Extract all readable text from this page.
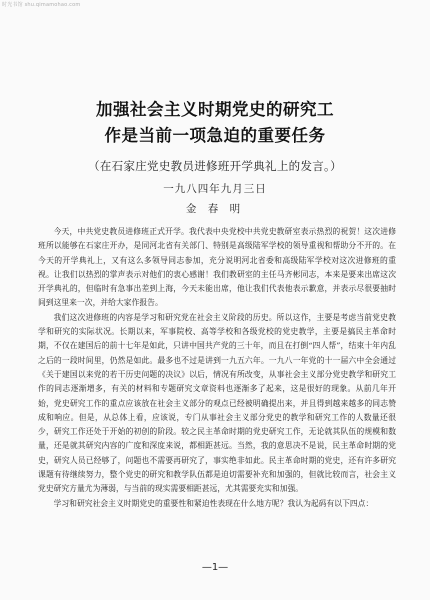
时光书馆 shu.qimamohao.com
加强社会主义时期党史的研究工
作是当前一项急迫的重要任务
（在石家庄党史教员进修班开学典礼上的发言。）
一九八四年九月三日
金 春 明

今天，中共党史教员进修班正式开学。我代表中央党校中共党史教研室表示热烈的祝贺！这次进修班所以能够在石家庄开办，是同河北省有关部门、特别是高级陆军学校的领导重视和帮助分不开的。在今天的开学典礼上，又有这么多领导同志参加，充分说明河北省委和高级陆军学校对这次进修班的重视。让我们以热烈的掌声表示对他们的衷心感谢！我们教研室的主任马齐彬同志，本来是要来出席这次开学典礼的，但临时有急事出差到上海，今天未能出席，他让我们代表他表示歉意，并表示尽很要抽时间到这里来一次，并给大家作报告。

我们这次进修班的内容是学习和研究党在社会主义阶段的历史。所以这作，主要是考虑当前党史教学和研究的实际状况。长期以来，军事院校、高等学校和各级党校的党史教学，主要是搞民主革命时期，不仅在建国后的前十七年是如此，只讲中国共产党的三十年，而且在打倒“四人帮”，结束十年内乱之后的一段时间里，仍然是如此。最多也不过是讲到一九五六年。一九八一年党的十一届六中全会通过《关于建国以来党的若干历史问题的决议》以后，情况有所改变，从事社会主义部分党史教学和研究工作的同志逐渐增多，有关的材料和专题研究文章资料也逐渐多了起来，这是很好的现象。从前几年开始，党史研究工作的重点应该放在社会主义部分的观点已经被明确提出来，并且得到越来越多的同志赞成和响应。但是，从总体上看，应该说，专门从事社会主义部分党史的教学和研究工作的人数量还很少，研究工作还处于开始的初创的阶段。较之民主革命时期的党史研究工作，无论就其队伍的规模和数量，还是就其研究内容的广度和深度来说，都相距甚远。当然，我的意思决不是说，民主革命时期的党史，研究人员已经够了，问题也不需要再研究了，事实绝非如此。民主革命时期的党史，还有许多研究课题有待继续努力，整个党史的研究和教学队伍都是迫切需要补充和加强的，但就比较而言，社会主义党史研究方量尤为薄弱，与当前的现实需要相距甚远，尤其需要充实和加强。

学习和研究社会主义时期党史的重要性和紧迫性表现在什么地方呢？我认为起码有以下四点：

—1—
